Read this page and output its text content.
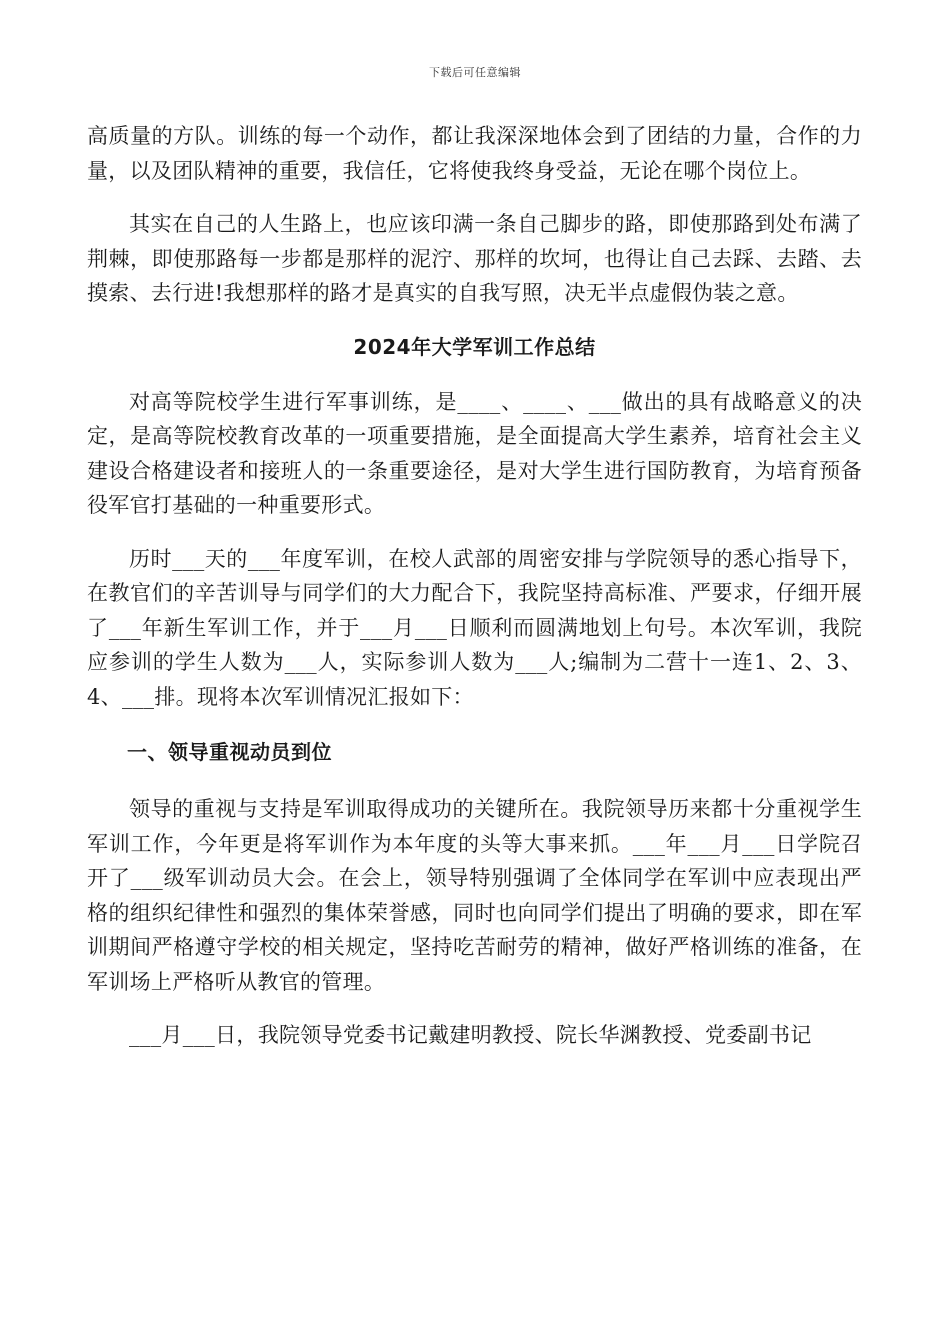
下载后可任意编辑

高质量的方队。训练的每一个动作，都让我深深地体会到了团结的力量，合作的力量，以及团队精神的重要，我信任，它将使我终身受益，无论在哪个岗位上。

其实在自己的人生路上，也应该印满一条自己脚步的路，即使那路到处布满了荆棘，即使那路每一步都是那样的泥泞、那样的坎坷，也得让自己去踩、去踏、去摸索、去行进!我想那样的路才是真实的自我写照，决无半点虚假伪装之意。

2024年大学军训工作总结

对高等院校学生进行军事训练，是____、____、___做出的具有战略意义的决定，是高等院校教育改革的一项重要措施，是全面提高大学生素养，培育社会主义建设合格建设者和接班人的一条重要途径，是对大学生进行国防教育，为培育预备役军官打基础的一种重要形式。

历时___天的___年度军训，在校人武部的周密安排与学院领导的悉心指导下，在教官们的辛苦训导与同学们的大力配合下，我院坚持高标准、严要求，仔细开展了___年新生军训工作，并于___月___日顺利而圆满地划上句号。本次军训，我院应参训的学生人数为___人，实际参训人数为___人;编制为二营十一连1、2、3、4、___排。现将本次军训情况汇报如下：

一、领导重视动员到位

领导的重视与支持是军训取得成功的关键所在。我院领导历来都十分重视学生军训工作，今年更是将军训作为本年度的头等大事来抓。___年___月___日学院召开了___级军训动员大会。在会上，领导特别强调了全体同学在军训中应表现出严格的组织纪律性和强烈的集体荣誉感，同时也向同学们提出了明确的要求，即在军训期间严格遵守学校的相关规定，坚持吃苦耐劳的精神，做好严格训练的准备，在军训场上严格听从教官的管理。

___月___日，我院领导党委书记戴建明教授、院长华渊教授、党委副书记
